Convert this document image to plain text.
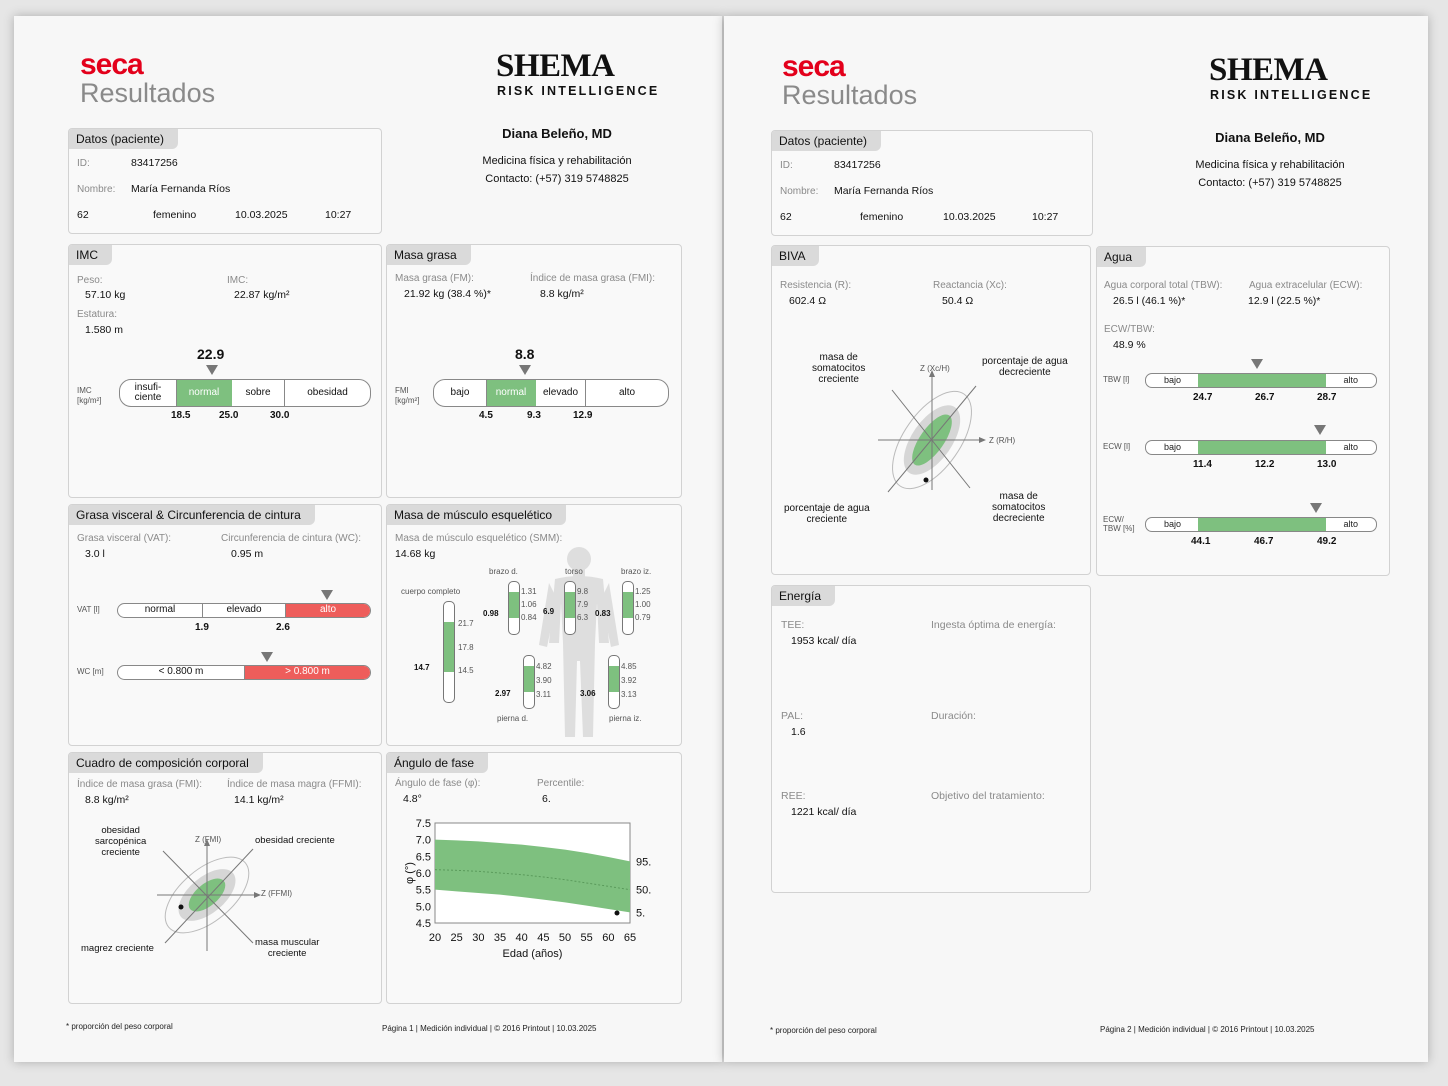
seca
Resultados
SHEMA
RISK INTELLIGENCE
Diana Beleño, MD
Medicina física y rehabilitación
Contacto: (+57) 319 5748825
Datos (paciente)
ID:	83417256
Nombre: María Fernanda Ríos
62	femenino	10.03.2025	10:27
IMC
Peso:
57.10 kg
IMC:
22.87 kg/m²
Estatura:
1.580 m
22.9
IMC
[kg/m²]
insufi-
ciente	normal	sobre	obesidad
18.5	25.0	30.0
Masa grasa
Masa grasa (FM):
21.92 kg (38.4 %)*
Índice de masa grasa (FMI):
8.8 kg/m²
8.8
FMI
[kg/m²]
bajo	normal	elevado	alto
4.5	9.3	12.9
Grasa visceral & Circunferencia de cintura
Grasa visceral (VAT):
3.0 l
Circunferencia de cintura (WC):
0.95 m
VAT [l]	normal	elevado	alto
1.9	2.6
WC [m]	< 0.800 m	> 0.800 m
Masa de músculo esquelético
Masa de músculo esquelético (SMM):
14.68 kg
cuerpo completo
21.7
17.8
14.5
14.7
brazo d.
1.31
1.06
0.84
0.98
torso
9.8
7.9
6.3
6.9
brazo iz.
1.25
1.00
0.79
0.83
4.82
3.90
3.11
2.97
pierna d.
4.85
3.92
3.13
3.06
pierna iz.
Cuadro de composición corporal
Índice de masa grasa (FMI):
8.8 kg/m²
Índice de masa magra (FFMI):
14.1 kg/m²
Z (FMI)
Z (FFMI)
obesidad
sarcopénica
creciente
obesidad creciente
magrez creciente
masa muscular
creciente
Ángulo de fase
Ángulo de fase (φ):
4.8°
Percentile:
6.
7.5
7.0
6.5
6.0
5.5
5.0
4.5
20 25 30 35 40 45 50 55 60 65
95.
50.
5.
Edad (años)
φ (°)
* proporción del peso corporal	Página 1 | Medición individual | © 2016 Printout | 10.03.2025
seca
Resultados
SHEMA
RISK INTELLIGENCE
Diana Beleño, MD
Medicina física y rehabilitación
Contacto: (+57) 319 5748825
Datos (paciente)
ID:	83417256
Nombre: María Fernanda Ríos
62	femenino	10.03.2025	10:27
BIVA
Resistencia (R):
602.4 Ω
Reactancia (Xc):
50.4 Ω
Z (Xc/H)
Z (R/H)
masa de
somatocitos
creciente
porcentaje de agua
decreciente
porcentaje de agua
creciente
masa de
somatocitos
decreciente
Agua
Agua corporal total (TBW):
26.5 l (46.1 %)*
Agua extracelular (ECW):
12.9 l (22.5 %)*
ECW/TBW:
48.9 %
TBW [l]	bajo	alto
24.7	26.7	28.7
ECW [l]	bajo	alto
11.4	12.2	13.0
ECW/
TBW [%]	bajo	alto
44.1	46.7	49.2
Energía
TEE:
1953 kcal/ día
Ingesta óptima de energía:
PAL:
1.6
Duración:
REE:
1221 kcal/ día
Objetivo del tratamiento:
* proporción del peso corporal	Página 2 | Medición individual | © 2016 Printout | 10.03.2025
